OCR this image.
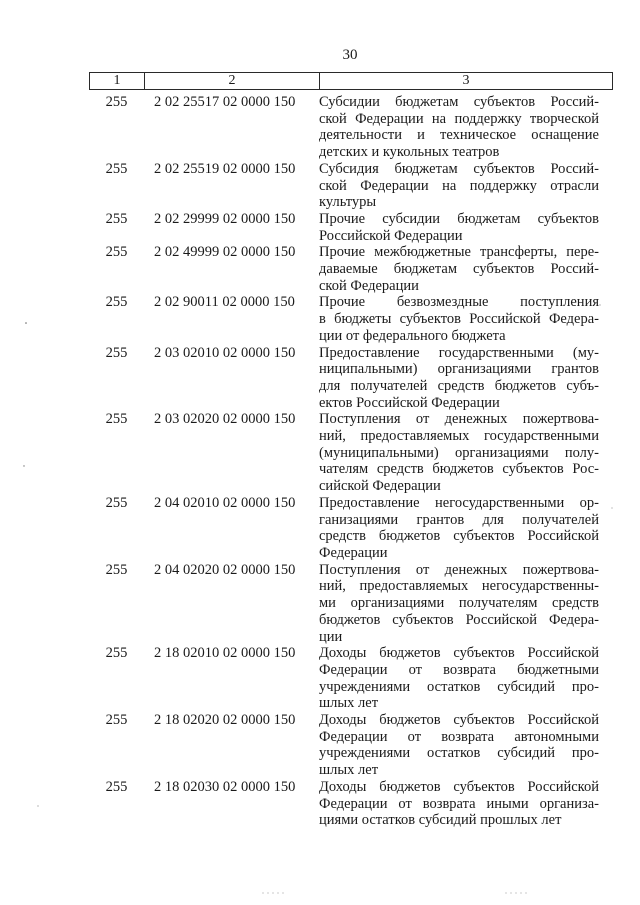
30
1	2	3
255	2 02 25517 02 0000 150	Субсидии бюджетам субъектов Россий-
ской Федерации на поддержку творческой
деятельности и техническое оснащение
детских и кукольных театров
255	2 02 25519 02 0000 150	Субсидия бюджетам субъектов Россий-
ской Федерации на поддержку отрасли
культуры
255	2 02 29999 02 0000 150	Прочие субсидии бюджетам субъектов
Российской Федерации
255	2 02 49999 02 0000 150	Прочие межбюджетные трансферты, пере-
даваемые бюджетам субъектов Россий-
ской Федерации
255	2 02 90011 02 0000 150	Прочие безвозмездные поступления
в бюджеты субъектов Российской Федера-
ции от федерального бюджета
255	2 03 02010 02 0000 150	Предоставление государственными (му-
ниципальными) организациями грантов
для получателей средств бюджетов субъ-
ектов Российской Федерации
255	2 03 02020 02 0000 150	Поступления от денежных пожертвова-
ний, предоставляемых государственными
(муниципальными) организациями полу-
чателям средств бюджетов субъектов Рос-
сийской Федерации
255	2 04 02010 02 0000 150	Предоставление негосударственными ор-
ганизациями грантов для получателей
средств бюджетов субъектов Российской
Федерации
255	2 04 02020 02 0000 150	Поступления от денежных пожертвова-
ний, предоставляемых негосударственны-
ми организациями получателям средств
бюджетов субъектов Российской Федера-
ции
255	2 18 02010 02 0000 150	Доходы бюджетов субъектов Российской
Федерации от возврата бюджетными
учреждениями остатков субсидий про-
шлых лет
255	2 18 02020 02 0000 150	Доходы бюджетов субъектов Российской
Федерации от возврата автономными
учреждениями остатков субсидий про-
шлых лет
255	2 18 02030 02 0000 150	Доходы бюджетов субъектов Российской
Федерации от возврата иными организа-
циями остатков субсидий прошлых лет
